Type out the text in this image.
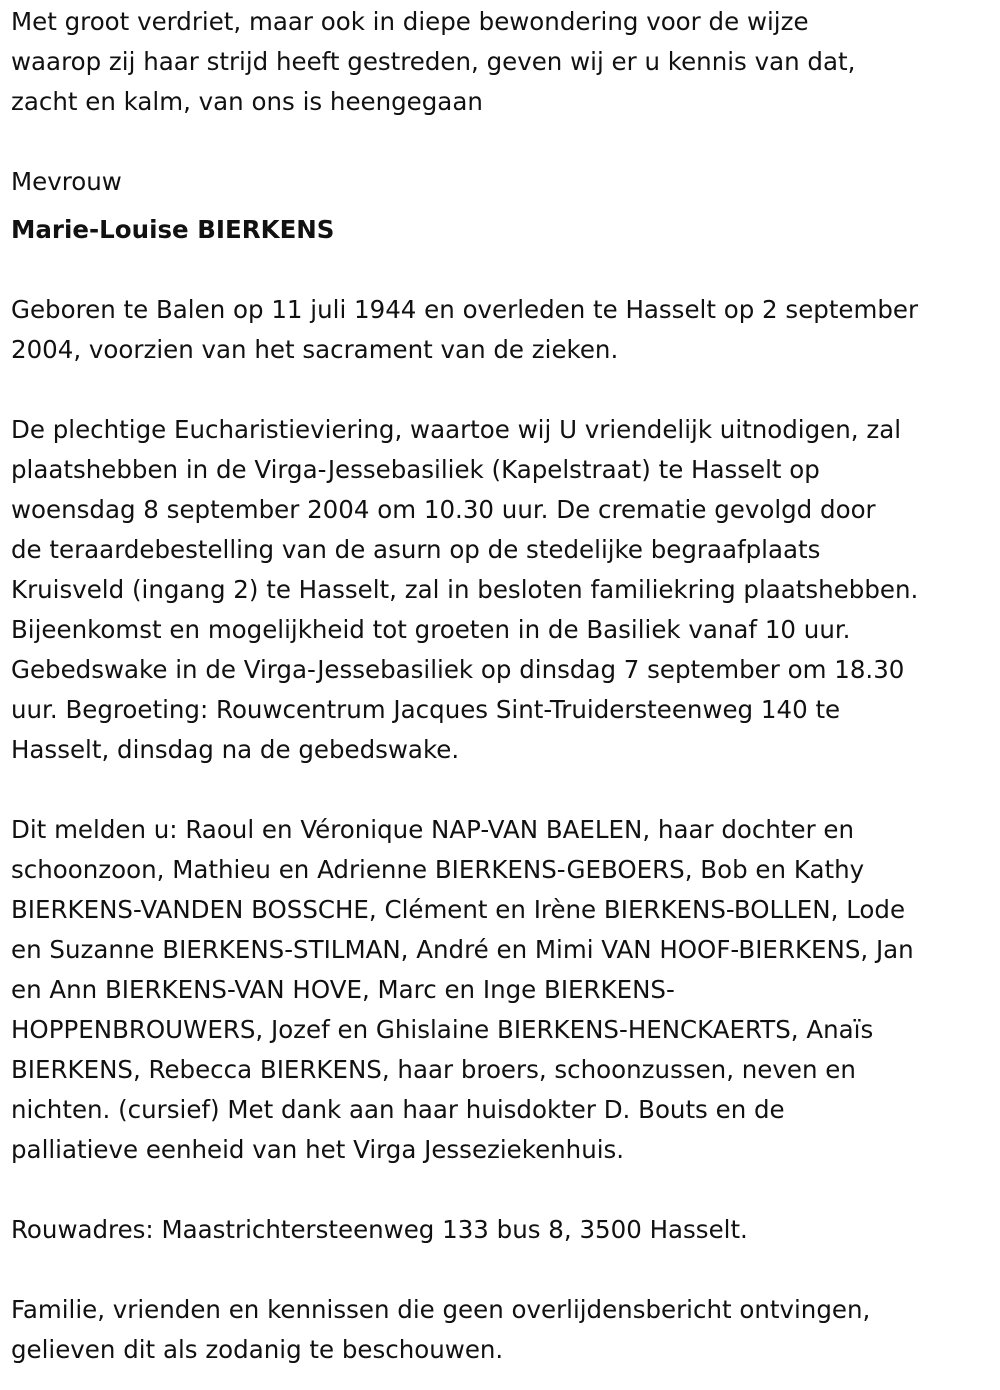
Met groot verdriet, maar ook in diepe bewondering voor de wijze
waarop zij haar strijd heeft gestreden, geven wij er u kennis van dat,
zacht en kalm, van ons is heengegaan

Mevrouw

Marie-Louise BIERKENS

Geboren te Balen op 11 juli 1944 en overleden te Hasselt op 2 september
2004, voorzien van het sacrament van de zieken.

De plechtige Eucharistieviering, waartoe wij U vriendelijk uitnodigen, zal
plaatshebben in de Virga-Jessebasiliek (Kapelstraat) te Hasselt op
woensdag 8 september 2004 om 10.30 uur. De crematie gevolgd door
de teraardebestelling van de asurn op de stedelijke begraafplaats
Kruisveld (ingang 2) te Hasselt, zal in besloten familiekring plaatshebben.
Bijeenkomst en mogelijkheid tot groeten in de Basiliek vanaf 10 uur.
Gebedswake in de Virga-Jessebasiliek op dinsdag 7 september om 18.30
uur. Begroeting: Rouwcentrum Jacques Sint-Truidersteenweg 140 te
Hasselt, dinsdag na de gebedswake.

Dit melden u: Raoul en Véronique NAP-VAN BAELEN, haar dochter en
schoonzoon, Mathieu en Adrienne BIERKENS-GEBOERS, Bob en Kathy
BIERKENS-VANDEN BOSSCHE, Clément en Irène BIERKENS-BOLLEN, Lode
en Suzanne BIERKENS-STILMAN, André en Mimi VAN HOOF-BIERKENS, Jan
en Ann BIERKENS-VAN HOVE, Marc en Inge BIERKENS-
HOPPENBROUWERS, Jozef en Ghislaine BIERKENS-HENCKAERTS, Anaïs
BIERKENS, Rebecca BIERKENS, haar broers, schoonzussen, neven en
nichten. (cursief) Met dank aan haar huisdokter D. Bouts en de
palliatieve eenheid van het Virga Jesseziekenhuis.

Rouwadres: Maastrichtersteenweg 133 bus 8, 3500 Hasselt.

Familie, vrienden en kennissen die geen overlijdensbericht ontvingen,
gelieven dit als zodanig te beschouwen.
